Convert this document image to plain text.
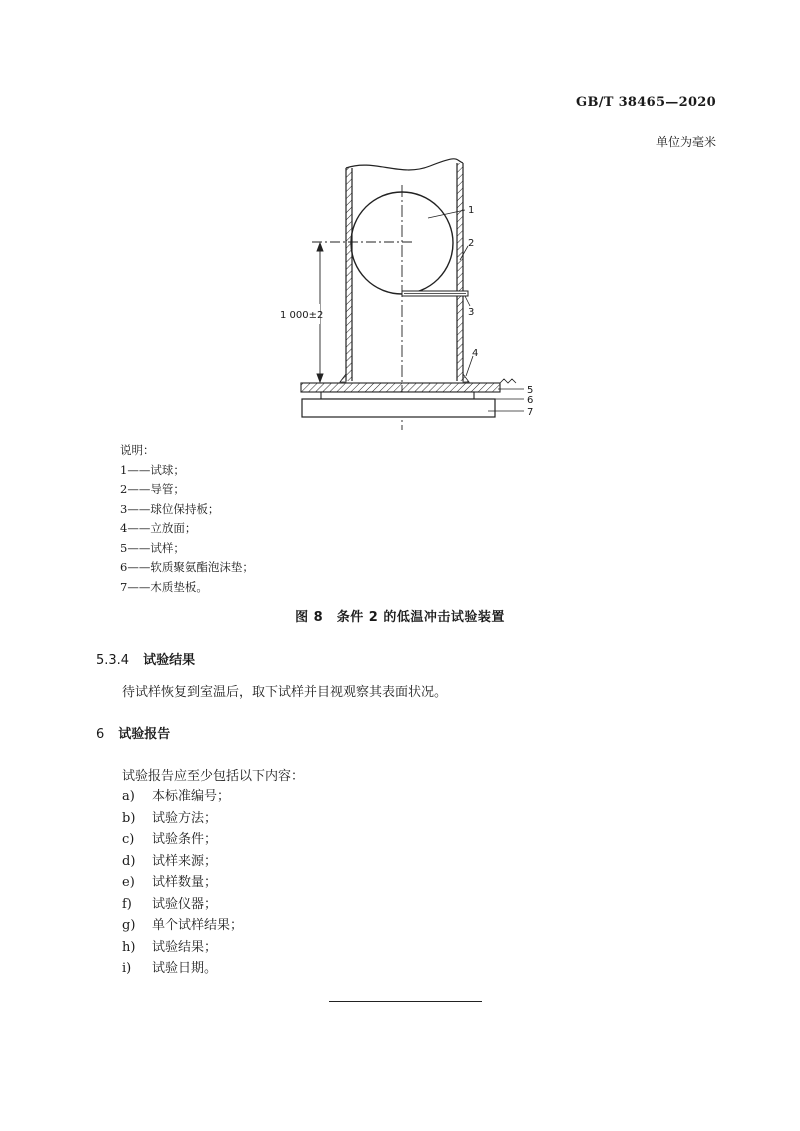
GB/T 38465—2020
单位为毫米
1 000±2
1
2
3
4
5
6
7
说明：
1——试球；
2——导管；
3——球位保持板；
4——立放面；
5——试样；
6——软质聚氨酯泡沫垫；
7——木质垫板。
图 8　条件 2 的低温冲击试验装置
5.3.4 试验结果
待试样恢复到室温后，取下试样并目视观察其表面状况。
6 试验报告
试验报告应至少包括以下内容：
a) 本标准编号；
b) 试验方法；
c) 试验条件；
d) 试样来源；
e) 试样数量；
f) 试验仪器；
g) 单个试样结果；
h) 试验结果；
i) 试验日期。
